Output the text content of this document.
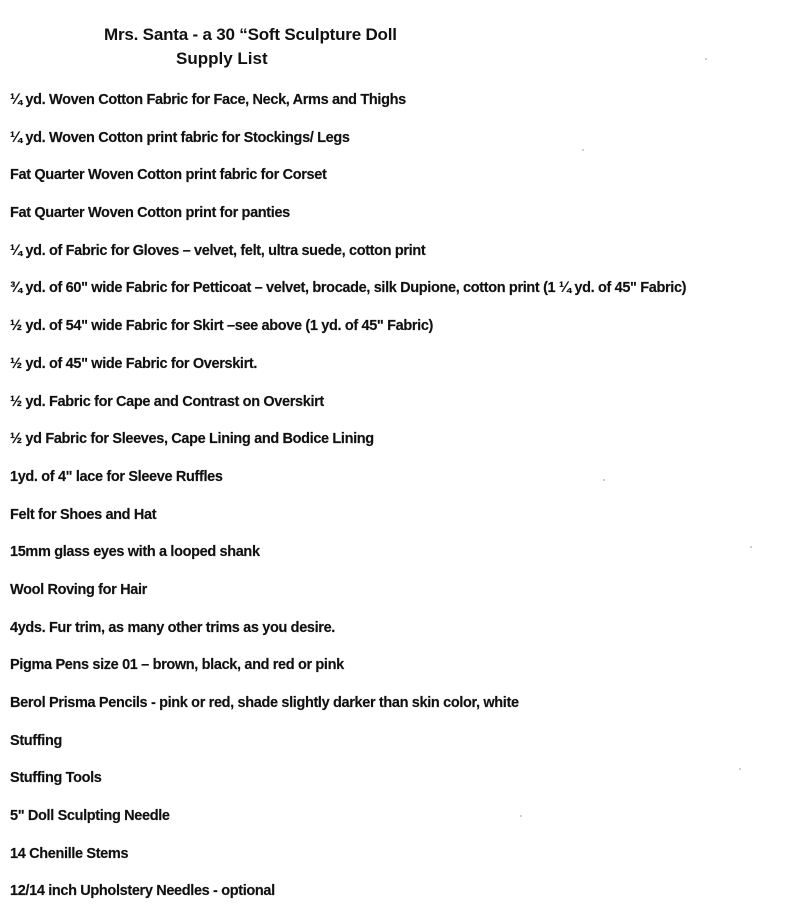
Mrs. Santa - a 30 “Soft Sculpture Doll
Supply List
¼ yd. Woven Cotton Fabric for Face, Neck, Arms and Thighs
¼ yd. Woven Cotton print fabric for Stockings/ Legs
Fat Quarter Woven Cotton print fabric for Corset
Fat Quarter Woven Cotton print for panties
¼ yd. of Fabric for Gloves – velvet, felt, ultra suede, cotton print
¾ yd. of 60" wide Fabric for Petticoat – velvet, brocade, silk Dupione, cotton print (1 ¼ yd. of 45" Fabric)
½ yd. of 54" wide Fabric for Skirt –see above (1 yd. of 45" Fabric)
½ yd. of 45" wide Fabric for Overskirt.
½ yd. Fabric for Cape and Contrast on Overskirt
½ yd Fabric for Sleeves, Cape Lining and Bodice Lining
1yd. of 4" lace for Sleeve Ruffles
Felt for Shoes and Hat
15mm glass eyes with a looped shank
Wool Roving for Hair
4yds. Fur trim, as many other trims as you desire.
Pigma Pens size 01 – brown, black, and red or pink
Berol Prisma Pencils - pink or red, shade slightly darker than skin color, white
Stuffing
Stuffing Tools
5" Doll Sculpting Needle
14 Chenille Stems
12/14 inch Upholstery Needles - optional
